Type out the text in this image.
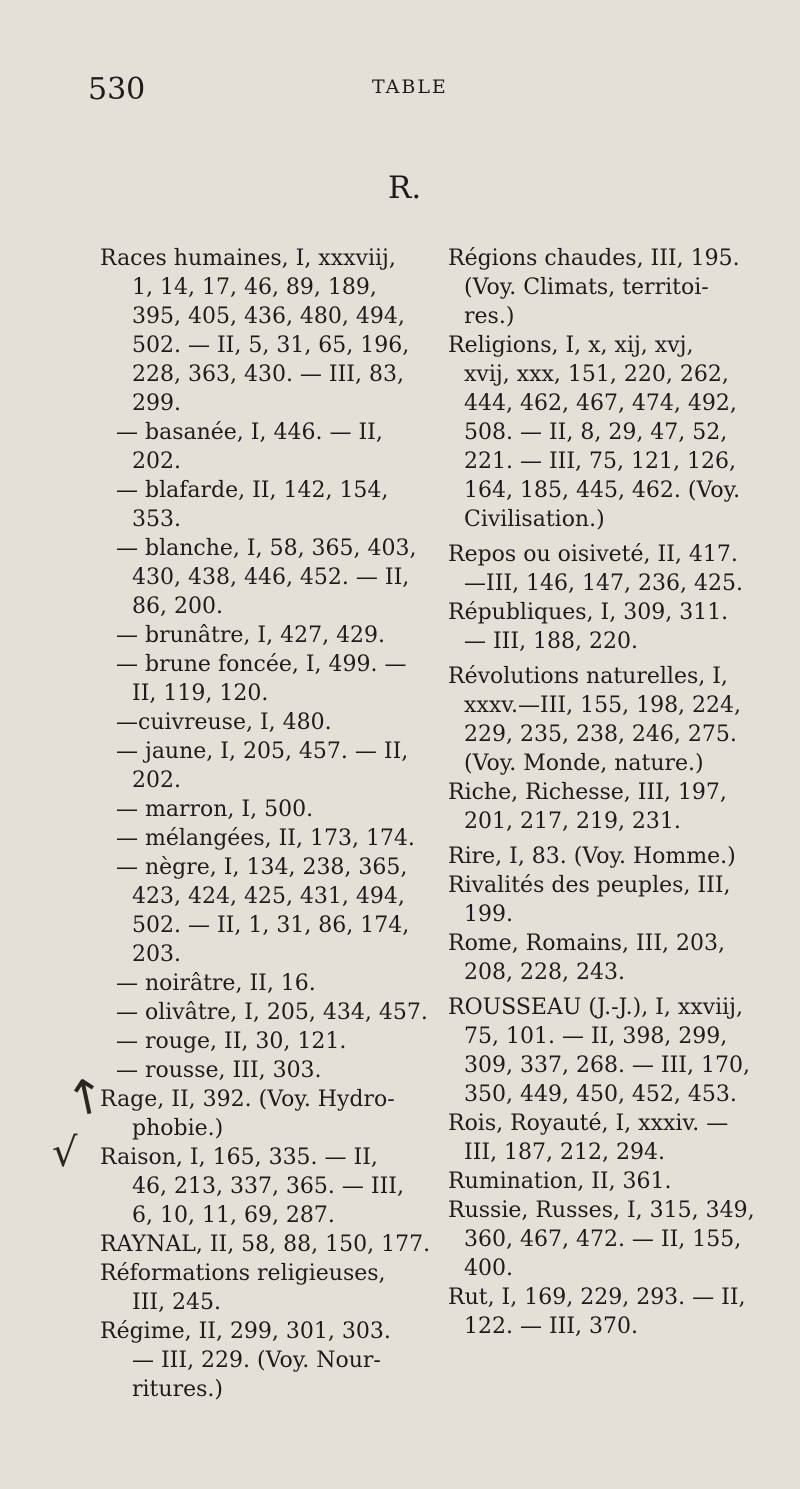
530	TABLE
R.
Races humaines, I, xxxviij,
1, 14, 17, 46, 89, 189,
395, 405, 436, 480, 494,
502. — II, 5, 31, 65, 196,
228, 363, 430. — III, 83,
299.
— basanée, I, 446. — II,
202.
— blafarde, II, 142, 154,
353.
— blanche, I, 58, 365, 403,
430, 438, 446, 452. — II,
86, 200.
— brunâtre, I, 427, 429.
— brune foncée, I, 499. —
II, 119, 120.
—cuivreuse, I, 480.
— jaune, I, 205, 457. — II,
202.
— marron, I, 500.
— mélangées, II, 173, 174.
— nègre, I, 134, 238, 365,
423, 424, 425, 431, 494,
502. — II, 1, 31, 86, 174,
203.
— noirâtre, II, 16.
— olivâtre, I, 205, 434, 457.
— rouge, II, 30, 121.
— rousse, III, 303.
Rage, II, 392. (Voy. Hydro-
phobie.)
Raison, I, 165, 335. — II,
46, 213, 337, 365. — III,
6, 10, 11, 69, 287.
RAYNAL, II, 58, 88, 150, 177.
Réformations religieuses,
III, 245.
Régime, II, 299, 301, 303.
— III, 229. (Voy. Nour-
ritures.)
Régions chaudes, III, 195.
(Voy. Climats, territoi-
res.)
Religions, I, x, xij, xvj,
xvij, xxx, 151, 220, 262,
444, 462, 467, 474, 492,
508. — II, 8, 29, 47, 52,
221. — III, 75, 121, 126,
164, 185, 445, 462. (Voy.
Civilisation.)
Repos ou oisiveté, II, 417.
—III, 146, 147, 236, 425.
Républiques, I, 309, 311.
— III, 188, 220.
Révolutions naturelles, I,
xxxv.—III, 155, 198, 224,
229, 235, 238, 246, 275.
(Voy. Monde, nature.)
Riche, Richesse, III, 197,
201, 217, 219, 231.
Rire, I, 83. (Voy. Homme.)
Rivalités des peuples, III,
199.
Rome, Romains, III, 203,
208, 228, 243.
ROUSSEAU (J.-J.), I, xxviij,
75, 101. — II, 398, 299,
309, 337, 268. — III, 170,
350, 449, 450, 452, 453.
Rois, Royauté, I, xxxiv. —
III, 187, 212, 294.
Rumination, II, 361.
Russie, Russes, I, 315, 349,
360, 467, 472. — II, 155,
400.
Rut, I, 169, 229, 293. — II,
122. — III, 370.
↑
√
